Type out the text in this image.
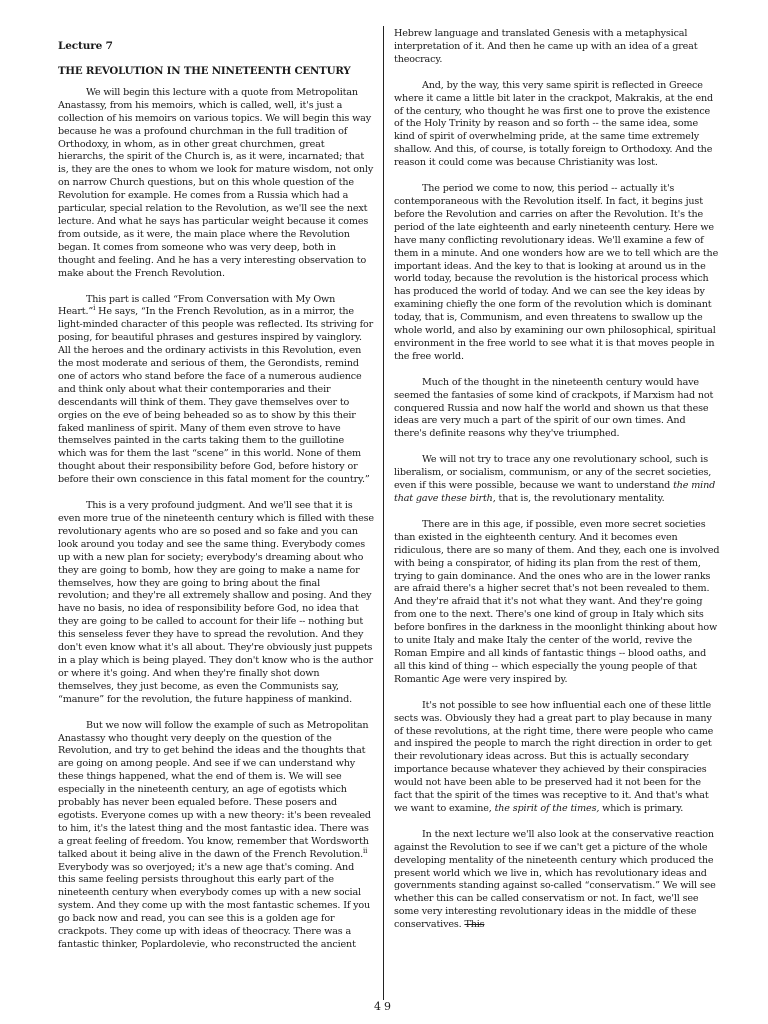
Lecture 7
THE REVOLUTION IN THE NINETEENTH CENTURY

We will begin this lecture with a quote from Metropolitan Anastassy, from his memoirs, which is called, well, it's just a collection of his memoirs on various topics. We will begin this way because he was a profound churchman in the full tradition of Orthodoxy, in whom, as in other great churchmen, great hierarchs, the spirit of the Church is, as it were, incarnated; that is, they are the ones to whom we look for mature wisdom, not only on narrow Church questions, but on this whole question of the Revolution for example. He comes from a Russia which had a particular, special relation to the Revolution, as we'll see the next lecture. And what he says has particular weight because it comes from outside, as it were, the main place where the Revolution began. It comes from someone who was very deep, both in thought and feeling. And he has a very interesting observation to make about the French Revolution.

This part is called “From Conversation with My Own Heart.”$^i$ He says, “In the French Revolution, as in a mirror, the light-minded character of this people was reflected. Its striving for posing, for beautiful phrases and gestures inspired by vainglory. All the heroes and the ordinary activists in this Revolution, even the most moderate and serious of them, the Gerondists, remind one of actors who stand before the face of a numerous audience and think only about what their contemporaries and their descendants will think of them. They gave themselves over to orgies on the eve of being beheaded so as to show by this their faked manliness of spirit. Many of them even strove to have themselves painted in the carts taking them to the guillotine which was for them the last “scene” in this world. None of them thought about their responsibility before God, before history or before their own conscience in this fatal moment for the country.”

This is a very profound judgment. And we'll see that it is even more true of the nineteenth century which is filled with these revolutionary agents who are so posed and so fake and you can look around you today and see the same thing. Everybody comes up with a new plan for society; everybody's dreaming about who they are going to bomb, how they are going to make a name for themselves, how they are going to bring about the final revolution; and they're all extremely shallow and posing. And they have no basis, no idea of responsibility before God, no idea that they are going to be called to account for their life -- nothing but this senseless fever they have to spread the revolution. And they don't even know what it's all about. They're obviously just puppets in a play which is being played. They don't know who is the author or where it's going. And when they're finally shot down themselves, they just become, as even the Communists say, “manure” for the revolution, the future happiness of mankind.

But we now will follow the example of such as Metropolitan Anastassy who thought very deeply on the question of the Revolution, and try to get behind the ideas and the thoughts that are going on among people. And see if we can understand why these things happened, what the end of them is. We will see especially in the nineteenth century, an age of egotists which probably has never been equaled before. These posers and egotists. Everyone comes up with a new theory: it's been revealed to him, it's the latest thing and the most fantastic idea. There was a great feeling of freedom. You know, remember that Wordsworth talked about it being alive in the dawn of the French Revolution.$^{ii}$ Everybody was so overjoyed; it's a new age that's coming. And this same feeling persists throughout this early part of the nineteenth century when everybody comes up with a new social system. And they come up with the most fantastic schemes. If you go back now and read, you can see this is a golden age for crackpots. They come up with ideas of theocracy. There was a fantastic thinker, Poplardolevie, who reconstructed the ancient

Hebrew language and translated Genesis with a metaphysical interpretation of it. And then he came up with an idea of a great theocracy.

And, by the way, this very same spirit is reflected in Greece where it came a little bit later in the crackpot, Makrakis, at the end of the century, who thought he was first one to prove the existence of the Holy Trinity by reason and so forth -- the same idea, some kind of spirit of overwhelming pride, at the same time extremely shallow. And this, of course, is totally foreign to Orthodoxy. And the reason it could come was because Christianity was lost.

The period we come to now, this period -- actually it's contemporaneous with the Revolution itself. In fact, it begins just before the Revolution and carries on after the Revolution. It's the period of the late eighteenth and early nineteenth century. Here we have many conflicting revolutionary ideas. We'll examine a few of them in a minute. And one wonders how are we to tell which are the important ideas. And the key to that is looking at around us in the world today, because the revolution is the historical process which has produced the world of today. And we can see the key ideas by examining chiefly the one form of the revolution which is dominant today, that is, Communism, and even threatens to swallow up the whole world, and also by examining our own philosophical, spiritual environment in the free world to see what it is that moves people in the free world.

Much of the thought in the nineteenth century would have seemed the fantasies of some kind of crackpots, if Marxism had not conquered Russia and now half the world and shown us that these ideas are very much a part of the spirit of our own times. And there's definite reasons why they've triumphed.

We will not try to trace any one revolutionary school, such is liberalism, or socialism, communism, or any of the secret societies, even if this were possible, because we want to understand the mind that gave these birth, that is, the revolutionary mentality.

There are in this age, if possible, even more secret societies than existed in the eighteenth century. And it becomes even ridiculous, there are so many of them. And they, each one is involved with being a conspirator, of hiding its plan from the rest of them, trying to gain dominance. And the ones who are in the lower ranks are afraid there's a higher secret that's not been revealed to them. And they're afraid that it's not what they want. And they're going from one to the next. There's one kind of group in Italy which sits before bonfires in the darkness in the moonlight thinking about how to unite Italy and make Italy the center of the world, revive the Roman Empire and all kinds of fantastic things -- blood oaths, and all this kind of thing -- which especially the young people of that Romantic Age were very inspired by.

It's not possible to see how influential each one of these little sects was. Obviously they had a great part to play because in many of these revolutions, at the right time, there were people who came and inspired the people to march the right direction in order to get their revolutionary ideas across. But this is actually secondary importance because whatever they achieved by their conspiracies would not have been able to be preserved had it not been for the fact that the spirit of the times was receptive to it. And that's what we want to examine, the spirit of the times, which is primary.

In the next lecture we'll also look at the conservative reaction against the Revolution to see if we can't get a picture of the whole developing mentality of the nineteenth century which produced the present world which we live in, which has revolutionary ideas and governments standing against so-called “conservatism.” We will see whether this can be called conservatism or not. In fact, we'll see some very interesting revolutionary ideas in the middle of these conservatives. This

49
